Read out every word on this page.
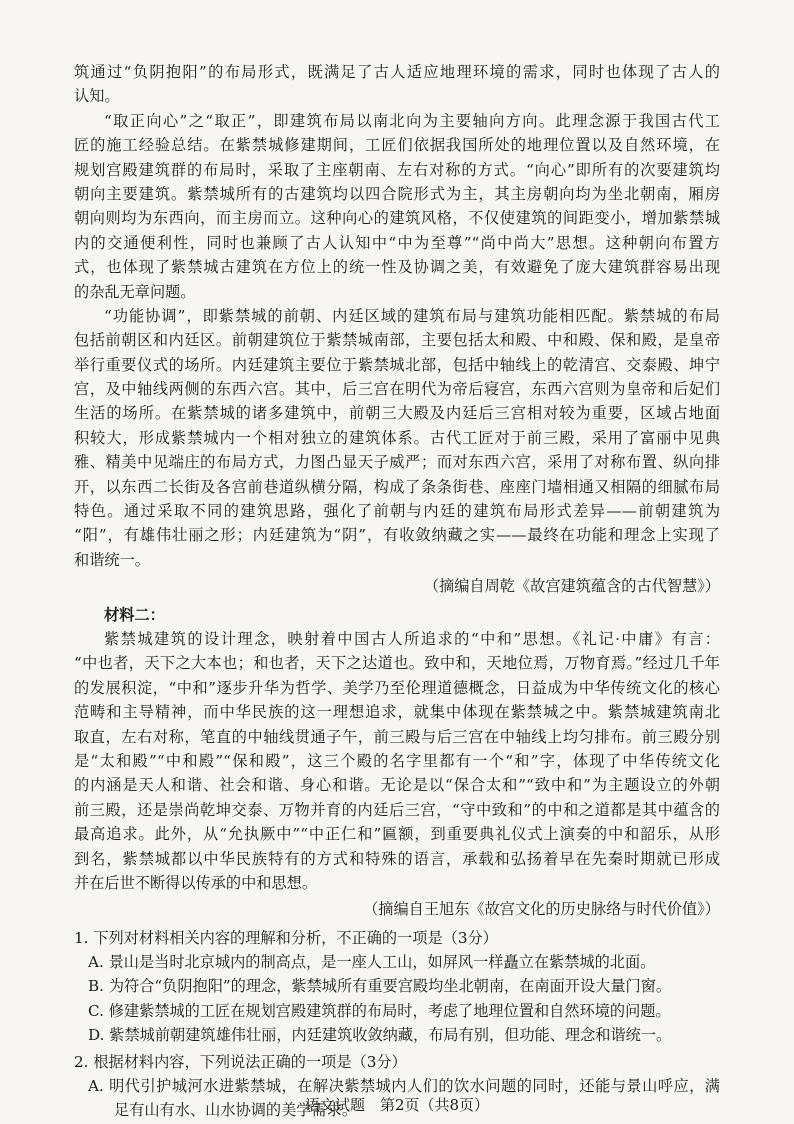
筑通过“负阴抱阳”的布局形式，既满足了古人适应地理环境的需求，同时也体现了古人的
认知。
“取正向心”之“取正”，即建筑布局以南北向为主要轴向方向。此理念源于我国古代工
匠的施工经验总结。在紫禁城修建期间，工匠们依据我国所处的地理位置以及自然环境，在
规划宫殿建筑群的布局时，采取了主座朝南、左右对称的方式。“向心”即所有的次要建筑均
朝向主要建筑。紫禁城所有的古建筑均以四合院形式为主，其主房朝向均为坐北朝南，厢房
朝向则均为东西向，而主房而立。这种向心的建筑风格，不仅使建筑的间距变小，增加紫禁城
内的交通便利性，同时也兼顾了古人认知中“中为至尊”“尚中尚大”思想。这种朝向布置方
式，也体现了紫禁城古建筑在方位上的统一性及协调之美，有效避免了庞大建筑群容易出现
的杂乱无章问题。
“功能协调”，即紫禁城的前朝、内廷区域的建筑布局与建筑功能相匹配。紫禁城的布局
包括前朝区和内廷区。前朝建筑位于紫禁城南部，主要包括太和殿、中和殿、保和殿，是皇帝
举行重要仪式的场所。内廷建筑主要位于紫禁城北部，包括中轴线上的乾清宫、交泰殿、坤宁
宫，及中轴线两侧的东西六宫。其中，后三宫在明代为帝后寝宫，东西六宫则为皇帝和后妃们
生活的场所。在紫禁城的诸多建筑中，前朝三大殿及内廷后三宫相对较为重要，区域占地面
积较大，形成紫禁城内一个相对独立的建筑体系。古代工匠对于前三殿，采用了富丽中见典
雅、精美中见端庄的布局方式，力图凸显天子威严；而对东西六宫，采用了对称布置、纵向排
开，以东西二长街及各宫前巷道纵横分隔，构成了条条街巷、座座门墙相通又相隔的细腻布局
特色。通过采取不同的建筑思路，强化了前朝与内廷的建筑布局形式差异——前朝建筑为
“阳”，有雄伟壮丽之形；内廷建筑为“阴”，有收敛纳藏之实——最终在功能和理念上实现了
和谐统一。
（摘编自周乾《故宫建筑蕴含的古代智慧》）
材料二：
紫禁城建筑的设计理念，映射着中国古人所追求的“中和”思想。《礼记·中庸》有言：
“中也者，天下之大本也；和也者，天下之达道也。致中和，天地位焉，万物育焉。”经过几千年
的发展积淀，“中和”逐步升华为哲学、美学乃至伦理道德概念，日益成为中华传统文化的核心
范畴和主导精神，而中华民族的这一理想追求，就集中体现在紫禁城之中。紫禁城建筑南北
取直，左右对称，笔直的中轴线贯通子午，前三殿与后三宫在中轴线上均匀排布。前三殿分别
是“太和殿”“中和殿”“保和殿”，这三个殿的名字里都有一个“和”字，体现了中华传统文化
的内涵是天人和谐、社会和谐、身心和谐。无论是以“保合太和”“致中和”为主题设立的外朝
前三殿，还是崇尚乾坤交泰、万物并育的内廷后三宫，“守中致和”的中和之道都是其中蕴含的
最高追求。此外，从“允执厥中”“中正仁和”匾额，到重要典礼仪式上演奏的中和韶乐，从形
到名，紫禁城都以中华民族特有的方式和特殊的语言，承载和弘扬着早在先秦时期就已形成
并在后世不断得以传承的中和思想。
（摘编自王旭东《故宫文化的历史脉络与时代价值》）
1. 下列对材料相关内容的理解和分析，不正确的一项是（3分）
A. 景山是当时北京城内的制高点，是一座人工山，如屏风一样矗立在紫禁城的北面。
B. 为符合“负阴抱阳”的理念，紫禁城所有重要宫殿均坐北朝南，在南面开设大量门窗。
C. 修建紫禁城的工匠在规划宫殿建筑群的布局时，考虑了地理位置和自然环境的问题。
D. 紫禁城前朝建筑雄伟壮丽，内廷建筑收敛纳藏，布局有别，但功能、理念和谐统一。
2. 根据材料内容，下列说法正确的一项是（3分）
A. 明代引护城河水进紫禁城，在解决紫禁城内人们的饮水问题的同时，还能与景山呼应，满
足有山有水、山水协调的美学需求。
语文试题　第2页（共8页）
